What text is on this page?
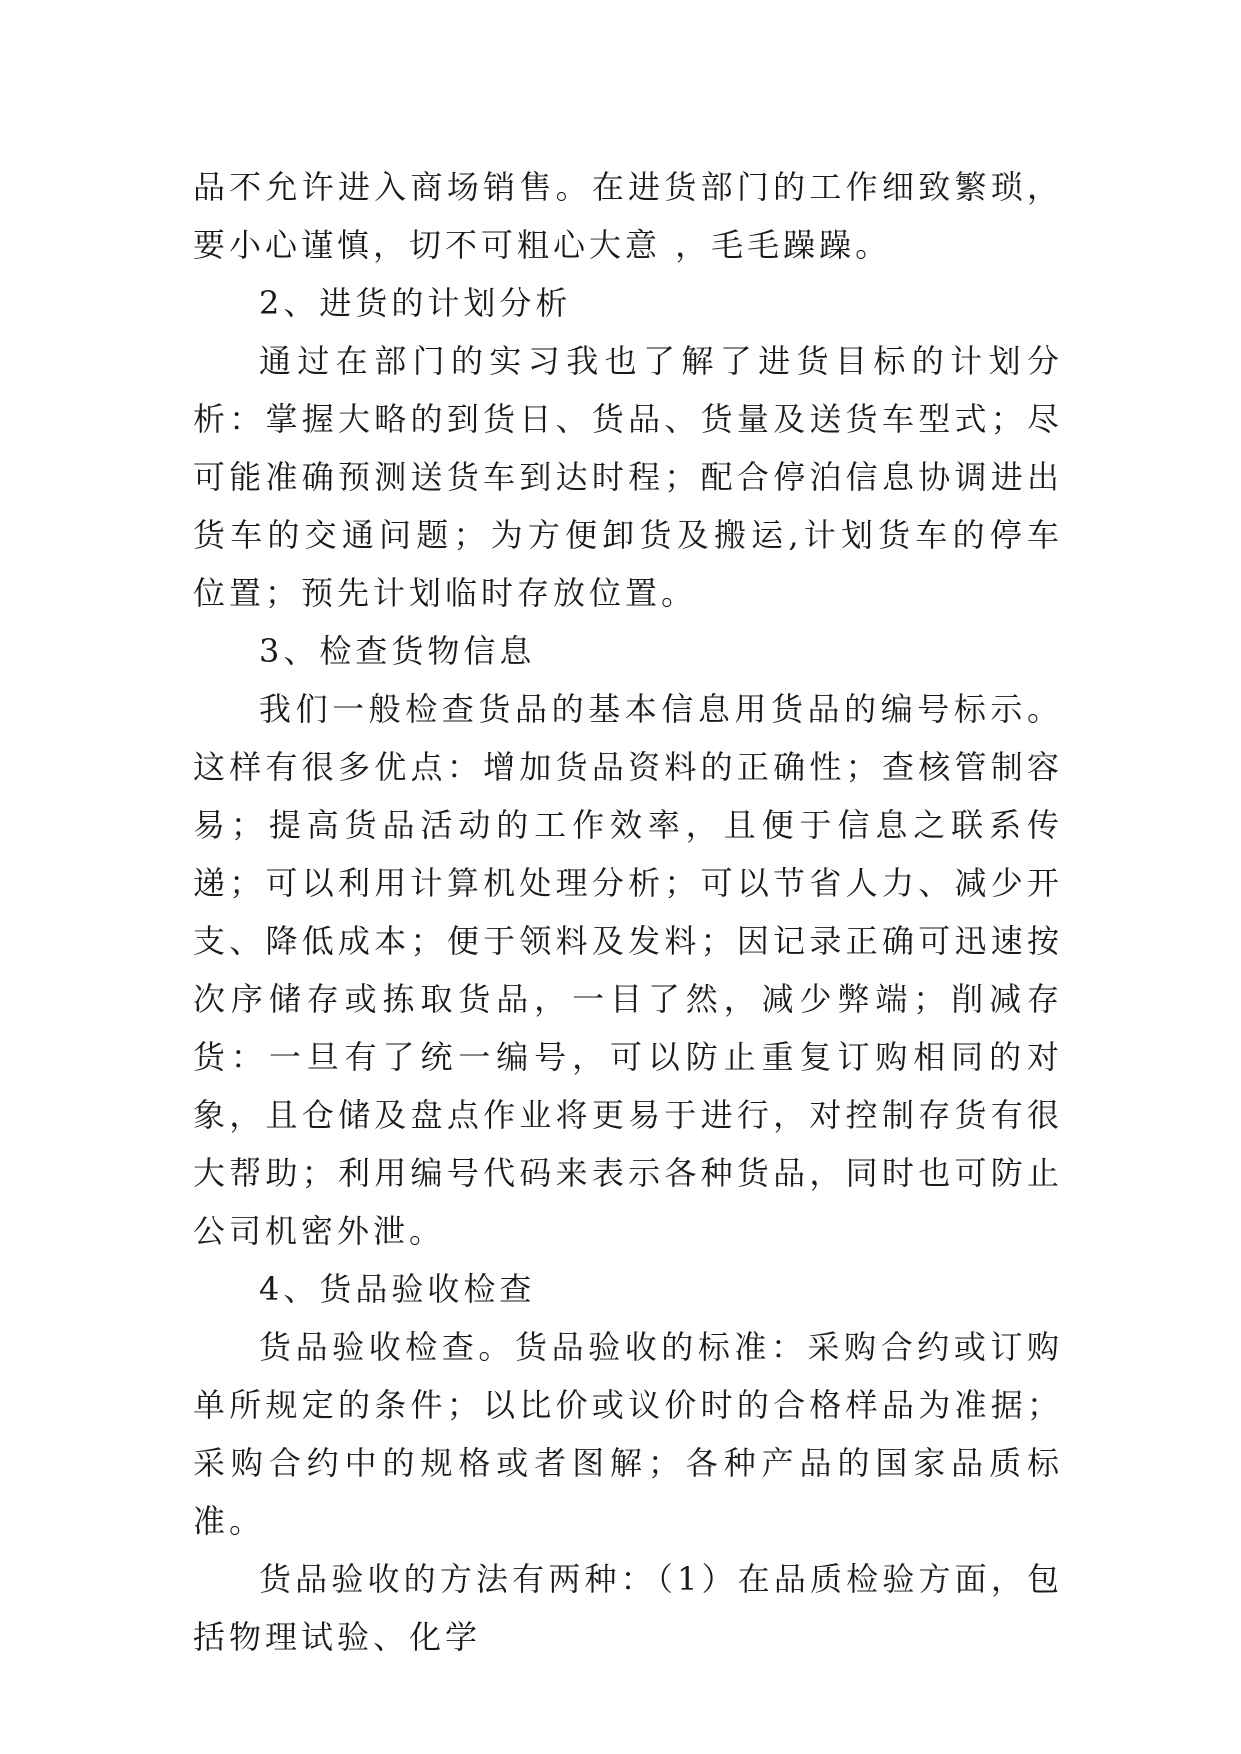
品不允许进入商场销售。在进货部门的工作细致繁琐，要小心谨慎，切不可粗心大意 ，毛毛躁躁。

2、进货的计划分析

通过在部门的实习我也了解了进货目标的计划分析：掌握大略的到货日、货品、货量及送货车型式；尽可能准确预测送货车到达时程；配合停泊信息协调进出货车的交通问题；为方便卸货及搬运,计划货车的停车位置；预先计划临时存放位置。

3、检查货物信息

我们一般检查货品的基本信息用货品的编号标示。这样有很多优点：增加货品资料的正确性；查核管制容易；提高货品活动的工作效率，且便于信息之联系传递；可以利用计算机处理分析；可以节省人力、减少开支、降低成本；便于领料及发料；因记录正确可迅速按次序储存或拣取货品，一目了然，减少弊端；削减存货：一旦有了统一编号，可以防止重复订购相同的对象，且仓储及盘点作业将更易于进行，对控制存货有很大帮助；利用编号代码来表示各种货品，同时也可防止公司机密外泄。

4、货品验收检查

货品验收检查。货品验收的标准：采购合约或订购单所规定的条件；以比价或议价时的合格样品为准据；采购合约中的规格或者图解；各种产品的国家品质标准。

货品验收的方法有两种：（1）在品质检验方面，包括物理试验、化学
